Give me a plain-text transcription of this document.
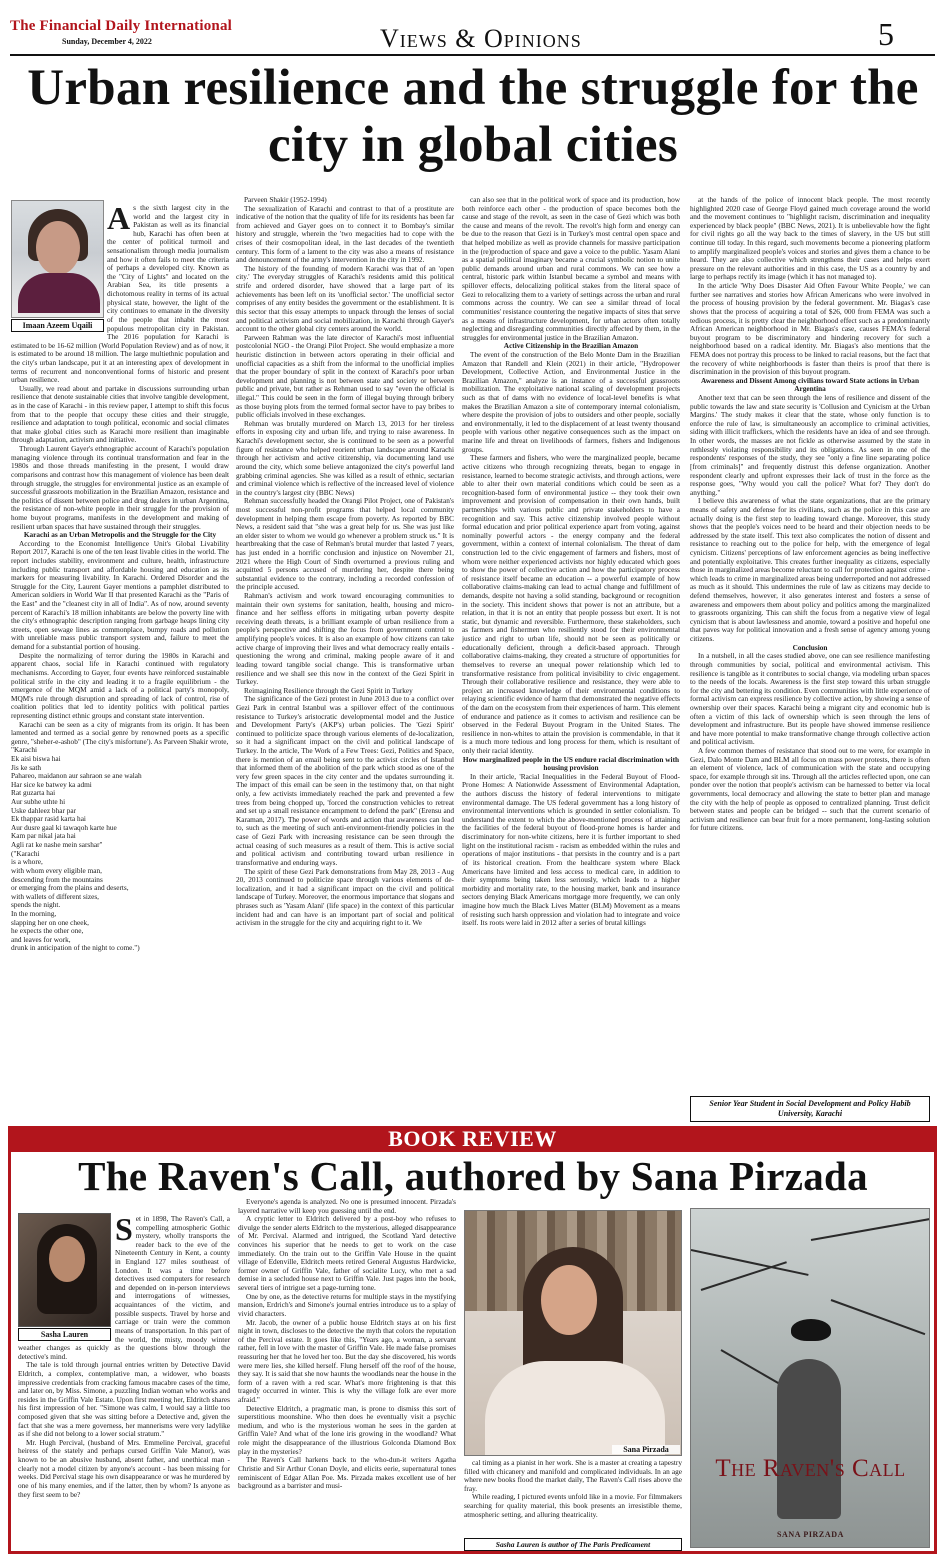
The Financial Daily International
Sunday, December 4, 2022	Views & Opinions	5
Urban resilience and the struggle for the city in global cities
Imaan Azeem Uqaili

As the sixth largest city in the world and the largest city in Pakistan as well as its financial hub, Karachi has often been at the center of political turmoil and sensationalism through media journalism and how it often fails to meet the criteria of perhaps a developed city. Known as the "City of Lights" and located on the Arabian Sea, its title presents a dichotomous reality in terms of its actual physical state, however, the light of the city continues to emanate in the diversity of the people that inhabit the most populous metropolitan city in Pakistan. The 2016 population for Karachi is estimated to be 16-62 million (World Population Review) and as of now, it is estimated to be around 18 million. The large multiethnic population and the city's urban landscape, put it at an interesting apex of development in terms of recurrent and nonconventional forms of historic and present urban resilience.

Usually, we read about and partake in discussions surrounding urban resilience that denote sustainable cities that involve tangible development, as in the case of Karachi - in this review paper, I attempt to shift this focus from that to the people that occupy these cities and their struggle, resilience and adaptation to tough political, economic and social climates that make global cities such as Karachi more resilient than imaginable through adaptation, activism and initiative.

Through Laurent Gayer's ethnographic account of Karachi's population managing violence through its continual transformation and fear in the 1980s and those threads manifesting in the present, I would draw comparisons and contrast how this management of violence has been dealt through struggle, the struggles for environmental justice as an example of successful grassroots mobilization in the Brazilian Amazon, resistance and the politics of dissent between police and drug dealers in urban Argentina, the resistance of non-white people in their struggle for the provision of home buyout programs, manifests in the development and making of resilient urban spaces that have sustained through their struggles.

Karachi as an Urban Metropolis and the Struggle for the City

According to the Economist Intelligence Unit's Global Livability Report 2017, Karachi is one of the ten least livable cities in the world. The report includes stability, environment and culture, health, infrastructure including public transport and affordable housing and education as its markers for measuring livability. In Karachi. Ordered Disorder and the Struggle for the City, Laurent Gayer mentions a pamphlet distributed to American soldiers in World War II that presented Karachi as the "Paris of the East" and the "cleanest city in all of India". As of now, around seventy percent of Karachi's 18 million inhabitants are below the poverty line with the city's ethnographic description ranging from garbage heaps lining city streets, open sewage lines as commonplace, bumpy roads and pollution with unreliable mass public transport system and, failure to meet the demand for a substantial portion of housing.

Despite the normalizing of terror during the 1980s in Karachi and apparent chaos, social life in Karachi continued with regulatory mechanisms. According to Gayer, four events have reinforced sustainable political strife in the city and leading it to a fragile equilibrium - the emergence of the MQM amid a lack of a political party's monopoly, MQM's rule through disruption and spreading of lack of control, rise of coalition politics that led to identity politics with political parties representing distinct ethnic groups and constant state intervention.

Karachi can be seen as a city of migrants from its origin. It has been lamented and termed as a social genre by renowned poets as a specific genre, "sheher-e-ashob" (The city's misfortune'). As Parveen Shakir wrote,

"Karachi

Ek aisi biswa hai

Jis ke sath

Pahareo, maidanon aur sahraon se ane walah

Har sice ke batwey ka admi

Rat guzarta hai

Aur subhe uthte hi

Uske dahleez bhar par

Ek thappar rasid karta hai

Aur dusre gaal ki tawaqoh karte hue

Kam par nikal jata hai

Agli rat ke nashe mein sarshar"

("Karachi

is a whore,

with whom every eligible man,

descending from the mountains

or emerging from the plains and deserts,

with wallets of different sizes,

spends the night.

In the morning,

slapping her on one cheek,

he expects the other one,

and leaves for work,

drunk in anticipation of the night to come.")

Parveen Shakir (1952-1994)

The sexualization of Karachi and contrast to that of a prostitute are indicative of the notion that the quality of life for its residents has been far from achieved and Gayer goes on to connect it to Bombay's similar history and struggle, wherein the 'two megacities had to cope with the crises of their cosmopolitan ideal, in the last decades of the twentieth century. This form of a lament to the city was also a means of resistance and denouncement of the army's intervention in the city in 1992.

The history of the founding of modern Karachi was that of an 'open city.' The everyday struggles of Karachi's residents amid this political strife and ordered disorder, have showed that a large part of its achievements has been left on its 'unofficial sector.' The unofficial sector comprises of any entity besides the government or the establishment. It is this sector that this essay attempts to unpack through the lenses of social and political activism and social mobilization, in Karachi through Gayer's account to the other global city centers around the world.

Parween Rahman was the late director of Karachi's most influential postcolonial NGO - the Orangi Pilot Project. She would emphasize a more heuristic distinction in between actors operating in their official and unofficial capacities as a shift from the informal to the unofficial implies that the proper boundary of split in the context of Karachi's poor urban development and planning is not between state and society or between public and private, but rather as Rehman used to say "even the official is illegal." This could be seen in the form of illegal buying through bribery as those buying plots from the termed formal sector have to pay bribes to public officials involved in these exchanges.

Rehman was brutally murdered on March 13, 2013 for her tireless efforts in exposing city and urban life, and trying to raise awareness. In Karachi's development sector, she is continued to be seen as a powerful figure of resistance who helped reorient urban landscape around Karachi through her activism and active citizenship, via documenting land use around the city, which some believe antagonized the city's powerful land grabbing criminal agencies. She was killed as a result of ethnic, sectarian and criminal violence which is reflective of the increased level of violence in the country's largest city (BBC News)

Rehman successfully headed the Orangi Pilot Project, one of Pakistan's most successful non-profit programs that helped local community development in helping them escape from poverty. As reported by BBC News, a resident said that "she was a great help for us. She was just like an elder sister to whom we would go whenever a problem struck us." It is heartbreaking that the case of Rehman's brutal murder that lasted 7 years, has just ended in a horrific conclusion and injustice on November 21, 2021 where the High Court of Sindh overturned a previous ruling and acquitted 5 persons accused of murdering her, despite there being substantial evidence to the contrary, including a recorded confession of the principle accused.

Rahman's activism and work toward encouraging communities to maintain their own systems for sanitation, health, housing and micro-finance and her selfless efforts in mitigating urban poverty despite receiving death threats, is a brilliant example of urban resilience from a people's perspective and shifting the focus from government control to amplifying people's voices. It is also an example of how citizens can take active charge of improving their lives and what democracy really entails - questioning the wrong and criminal, making people aware of it and leading toward tangible social change. This is transformative urban resilience and we shall see this now in the context of the Gezi Spirit in Turkey.

Reimagining Resilience through the Gezi Spirit in Turkey

The significance of the Gezi protest in June 2013 due to a conflict over Gezi Park in central Istanbul was a spillover effect of the continuous resistance to Turkey's aristocratic developmental model and the Justice and Development Party's (AKP's) urban policies. The 'Gezi Spirit' continued to politicize space through various elements of de-localization, so it had a significant impact on the civil and political landscape of Turkey. In the article, The Work of a Few Trees: Gezi, Politics and Space, there is mention of an email being sent to the activist circles of Istanbul that informed them of the abolition of the park which stood as one of the very few green spaces in the city center and the updates surrounding it. The impact of this email can be seen in the testimony that, on that night only, a few activists immediately reached the park and prevented a few trees from being chopped up, 'forced the construction vehicles to retreat and set up a small resistance encampment to defend the park'' (Erensu and Karaman, 2017). The power of words and action that awareness can lead to, such as the meeting of such anti-environment-friendly policies in the case of Gezi Park with increasing resistance can be seen through the actual ceasing of such measures as a result of them. This is active social and political activism and contributing toward urban resilience in transformative and enduring ways.

The spirit of these Gezi Park demonstrations from May 28, 2013 - Aug 20, 2013 continued to politicize space through various elements of de-localization, and it had a significant impact on the civil and political landscape of Turkey. Moreover, the enormous importance that slogans and phrases such as 'Yasam Alani' (life space) in the context of this particular incident had and can have is an important part of social and political activism in the struggle for the city and acquiring right to it. We

can also see that in the political work of space and its production, how both reinforce each other - the production of space becomes both the cause and stage of the revolt, as seen in the case of Gezi which was both the cause and means of the revolt. The revolt's high form and energy can be due to the reason that Gezi is in Turkey's most central open space and that helped mobilize as well as provide channels for massive participation in the (re)production of space and gave a voice to the public. Yasam Alani as a spatial political imaginary became a crucial symbolic notion to unite public demands around urban and rural commons. We can see how a central, historic park within Istanbul became a symbol and means with spillover effects, delocalizing political stakes from the literal space of Gezi to relocalizing them to a variety of settings across the urban and rural commons across the country. We can see a similar thread of local communities' resistance countering the negative impacts of sites that serve as a means of infrastructure development, for urban actors often totally neglecting and disregarding communities directly affected by them, in the struggles for environmental justice in the Brazilian Amazon.

Active Citizenship in the Brazilian Amazon

The event of the construction of the Belo Monte Dam in the Brazilian Amazon that Randell and Klein (2021) in their article, "Hydropower Development, Collective Action, and Environmental Justice in the Brazilian Amazon," analyze is an instance of a successful grassroots mobilization. The exploitative national scaling of development projects such as that of dams with no evidence of local-level benefits is what makes the Brazilian Amazon a site of contemporary internal colonialism, where despite the provision of jobs to outsiders and other people, socially and environmentally, it led to the displacement of at least twenty thousand people with various other negative consequences such as the impact on marine life and threat on livelihoods of farmers, fishers and Indigenous groups.

These farmers and fishers, who were the marginalized people, became active citizens who through recognizing threats, began to engage in resistance, learned to become strategic activists, and through actions, were able to alter their own material conditions which could be seen as a recognition-based form of environmental justice -- they took their own improvement and provision of compensation in their own hands, built partnerships with various public and private stakeholders to have a recognition and say. This active citizenship involved people without formal education and prior political experience apart from voting, against nominally powerful actors - the energy company and the federal government, within a context of internal colonialism. The threat of dam construction led to the civic engagement of farmers and fishers, most of whom were neither experienced activists nor highly educated which goes to show the power of collective action and how the participatory process of resistance itself became an education -- a powerful example of how collaborative claims-making can lead to actual change and fulfillment of demands, despite not having a solid standing, background or recognition in the society. This incident shows that power is not an attribute, but a relation, in that it is not an entity that people possess but exert. It is not static, but dynamic and reversible. Furthermore, these stakeholders, such as farmers and fishermen who resiliently stood for their environmental justice and right to urban life, should not be seen as politically or educationally deficient, through a deficit-based approach. Through collaborative claims-making, they created a structure of opportunities for themselves to reverse an unequal power relationship which led to transformative resistance from political invisibility to civic engagement. Through their collaborative resilience and resistance, they were able to project an increased knowledge of their environmental conditions to relaying scientific evidence of harm that demonstrated the negative effects of the dam on the ecosystem from their experiences of harm. This element of endurance and patience as it comes to activism and resilience can be observed in the Federal Buyout Program in the United States. The resilience in non-whites to attain the provision is commendable, in that it is a much more tedious and long process for them, which is resultant of only their racial identity.

How marginalized people in the US endure racial discrimination with housing provision

In their article, 'Racial Inequalities in the Federal Buyout of Flood-Prone Homes: A Nationwide Assessment of Environmental Adaptation, the authors discuss the history of federal interventions to mitigate environmental damage. The US federal government has a long history of environmental interventions which is grounded in settler colonialism. To understand the extent to which the above-mentioned process of attaining the facilities of the federal buyout of flood-prone homes is harder and discriminatory for non-white citizens, here it is further important to shed light on the institutional racism - racism as embedded within the rules and operations of major institutions - that persists in the country and is a part of its historical creation. From the healthcare system where Black Americans have limited and less access to medical care, in addition to their symptoms being taken less seriously, which leads to a higher morbidity and mortality rate, to the housing market, bank and insurance sectors denying Black Americans mortgage more frequently, we can only imagine how much the Black Lives Matter (BLM) Movement as a means of resisting such harsh oppression and violation had to integrate and voice itself. Its roots were laid in 2012 after a series of brutal killings

at the hands of the police of innocent black people. The most recently highlighted 2020 case of George Floyd gained much coverage around the world and the movement continues to "highlight racism, discrimination and inequality experienced by black people" (BBC News, 2021). It is unbelievable how the fight for civil rights go all the way back to the times of slavery, in the US but still continue till today. In this regard, such movements become a pioneering platform to amplify marginalized people's voices and stories and gives them a chance to be heard. They are also collective which strengthens their cases and helps exert pressure on the relevant authorities and in this case, the US as a country by and large to perhaps rectify its image (which it has not managed to).

In the article 'Why Does Disaster Aid Often Favour White People,' we can further see narratives and stories how African Americans who were involved in the process of housing provision by the federal government. Mr. Biagas's case shows that the process of acquiring a total of $26, 000 from FEMA was such a tedious process, it is pretty clear the neighborhood effect such as a predominantly African American neighborhood in Mr. Biagas's case, causes FEMA's federal buyout program to be discriminatory and hindering recovery for such a neighborhood based on a radical identity. Mr. Biagas's also mentions that the FEMA does not portray this process to be linked to racial reasons, but the fact that the recovery of white neighborhoods is faster than theirs is proof that there is discrimination in the provision of this buyout program.

Awareness and Dissent Among civilians toward State actions in Urban Argentina

Another text that can be seen through the lens of resilience and dissent of the public towards the law and state security is 'Collusion and Cynicism at the Urban Margins.' The study makes it clear that the state, whose only function is to enforce the rule of law, is simultaneously an accomplice to criminal activities, siding with illicit traffickers, which the residents have an idea of and see through. In other words, the masses are not fickle as otherwise assumed by the state in ruthlessly violating responsibility and its obligations. As seen in one of the respondents' responses of the study, they see "only a fine line separating police [from criminals]" and frequently distrust this defense organization. Another respondent clearly and upfront expresses their lack of trust in the force as the response goes, "Why would you call the police? What for? They don't do anything."

I believe this awareness of what the state organizations, that are the primary means of safety and defense for its civilians, such as the police in this case are actually doing is the first step to leading toward change. Moreover, this study shows that the people's voices need to be heard and their objection needs to be addressed by the state itself. This text also complicates the notion of dissent and resistance to reaching out to the police for help, with the emergence of legal cynicism. Citizens' perceptions of law enforcement agencies as being ineffective and potentially exploitative. This creates further inequality as citizens, especially those in marginalized areas become reluctant to call for protection against crime - which leads to crime in marginalized areas being underreported and not addressed as much as it should. This undermines the rule of law as citizens may decide to defend themselves, however, it also generates interest and fosters a sense of awareness and empowers them about policy and politics among the marginalized to grassroots organizing. This can shift the focus from a negative view of legal cynicism that is about lawlessness and anomie, toward a positive and hopeful one that paves way for political innovation and a fresh sense of agency among young citizens.

Conclusion

In a nutshell, in all the cases studied above, one can see resilience manifesting through communities by social, political and environmental activism. This resilience is tangible as it contributes to social change, via modeling urban spaces to the needs of the locals. Awareness is the first step toward this urban struggle for the city and bettering its condition. Even communities with little experience of formal activism can express resilience by collective action, by showing a sense of ownership over their spaces. Karachi being a migrant city and economic hub is often a victim of this lack of ownership which is seen through the lens of development and infrastructure. But its people have showed immense resilience and have more potential to make transformative change through collective action and political activism.

A few common themes of resistance that stood out to me were, for example in Gezi, Dalo Monte Dam and BLM all focus on mass power protests, there is often an element of violence, lack of communication with the state and occupying space, for example through sit ins. Through all the articles reflected upon, one can ponder over the notion that people's activism can be harnessed to better via local governments, local democracy and allowing the state to better plan and manage the city with the help of people as opposed to centralized planning. Trust deficit between states and people can be bridged -- such that the current scenario of activism and resilience can bear fruit for a more permanent, long-lasting solution for future citizens.

Senior Year Student in Social Development and Policy Habib University, Karachi
BOOK REVIEW
The Raven's Call, authored by Sana Pirzada
Sasha Lauren

Set in 1898, The Raven's Call, a compelling atmospheric Gothic mystery, wholly transports the reader back to the eve of the Nineteenth Century in Kent, a county in England 127 miles southeast of London. It was a time before detectives used computers for research and depended on in-person interviews and interrogations of witnesses, acquaintances of the victim, and possible suspects. Travel by horse and carriage or train were the common means of transportation. In this part of the world, the misty, moody winter weather changes as quickly as the questions blow through the detective's mind.

The tale is told through journal entries written by Detective David Eldritch, a complex, contemplative man, a widower, who boasts impressive credentials from cracking famous macabre cases of the time, and later on, by Miss. Simone, a puzzling Indian woman who works and resides in the Griffin Vale Estate. Upon first meeting her, Eldritch shares his first impression of her. "Simone was calm, I would say a little too composed given that she was sitting before a Detective and, given the fact that she was a mere governess, her mannerisms were very ladylike as if she did not belong to a lower social stratum."

Mr. Hugh Percival, (husband of Mrs. Emmeline Percival, graceful heiress of the stately and perhaps cursed Griffin Vale Manor), was known to be an abusive husband, absent father, and unethical man - clearly not a model citizen by anyone's account - has been missing for weeks. Did Percival stage his own disappearance or was he murdered by one of his many enemies, and if the latter, then by whom? Is anyone as they first seem to be?

Everyone's agenda is analyzed. No one is presumed innocent. Pirzada's layered narrative will keep you guessing until the end.

A cryptic letter to Eldritch delivered by a post-boy who refuses to divulge the sender alerts Eldritch to the mysterious, alleged disappearance of Mr. Percival. Alarmed and intrigued, the Scotland Yard detective convinces his superior that he needs to get to work on the case immediately. On the train out to the Griffin Vale House in the quaint village of Edenville, Eldritch meets retired General Augustus Hardwicke, former owner of Griffin Vale, father of socialite Lucy, who met a sad demise in a secluded house next to Griffin Vale. Just pages into the book, several tiers of intrigue set a page-turning tone.

One by one, as the detective returns for multiple stays in the mystifying mansion, Erdrich's and Simone's journal entries introduce us to a splay of vivid characters.

Mr. Jacob, the owner of a public house Eldritch stays at on his first night in town, discloses to the detective the myth that colors the reputation of the Percival estate. It goes like this, "Years ago, a woman, a servant rather, fell in love with the master of Griffin Vale. He made false promises reassuring her that he loved her too. But the day she discovered, his words were mere lies, she killed herself. Flung herself off the roof of the house, they say. It is said that she now haunts the woodlands near the house in the form of a raven with a red scar. What's more frightening is that this tragedy occurred in winter. This is why the village folk are ever more afraid."

Detective Eldritch, a pragmatic man, is prone to dismiss this sort of superstitious moonshine. Who then does he eventually visit a psychic medium, and who is the mysterious woman he sees in the garden at Griffin Vale? And what of the lone iris growing in the woodland? What role might the disappearance of the illustrious Golconda Diamond Box play in the mysteries?

The Raven's Call harkens back to the who-dun-it writers Agatha Christie and Sir Arthur Conan Doyle, and elicits eerie, supernatural tones reminiscent of Edgar Allan Poe. Ms. Pirzada makes excellent use of her background as a barrister and musi-

Sana Pirzada

cal timing as a pianist in her work. She is a master at creating a tapestry filled with chicanery and manifold and complicated individuals. In an age where new books flood the market daily, The Raven's Call rises above the fray.

While reading, I pictured events unfold like in a movie. For filmmakers searching for quality material, this book presents an irresistible theme, atmospheric setting, and alluring theatricality.

Sasha Lauren is author of The Paris Predicament
The Raven's Call
SANA PIRZADA
